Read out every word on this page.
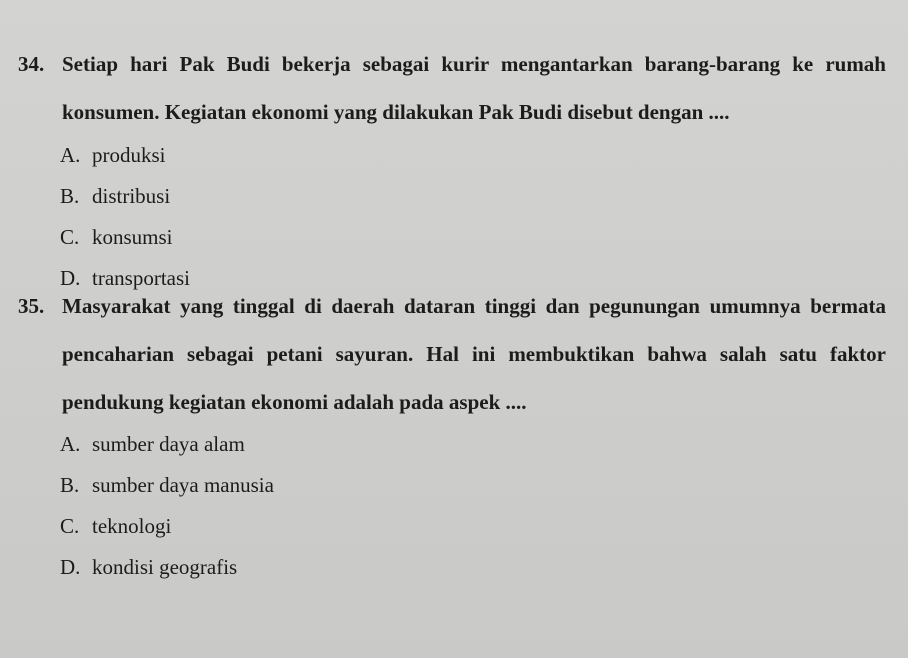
34. Setiap hari Pak Budi bekerja sebagai kurir mengantarkan barang-barang ke rumah
konsumen. Kegiatan ekonomi yang dilakukan Pak Budi disebut dengan ....
A. produksi
B. distribusi
C. konsumsi
D. transportasi
35. Masyarakat yang tinggal di daerah dataran tinggi dan pegunungan umumnya bermata
pencaharian sebagai petani sayuran. Hal ini membuktikan bahwa salah satu faktor
pendukung kegiatan ekonomi adalah pada aspek ....
A. sumber daya alam
B. sumber daya manusia
C. teknologi
D. kondisi geografis
